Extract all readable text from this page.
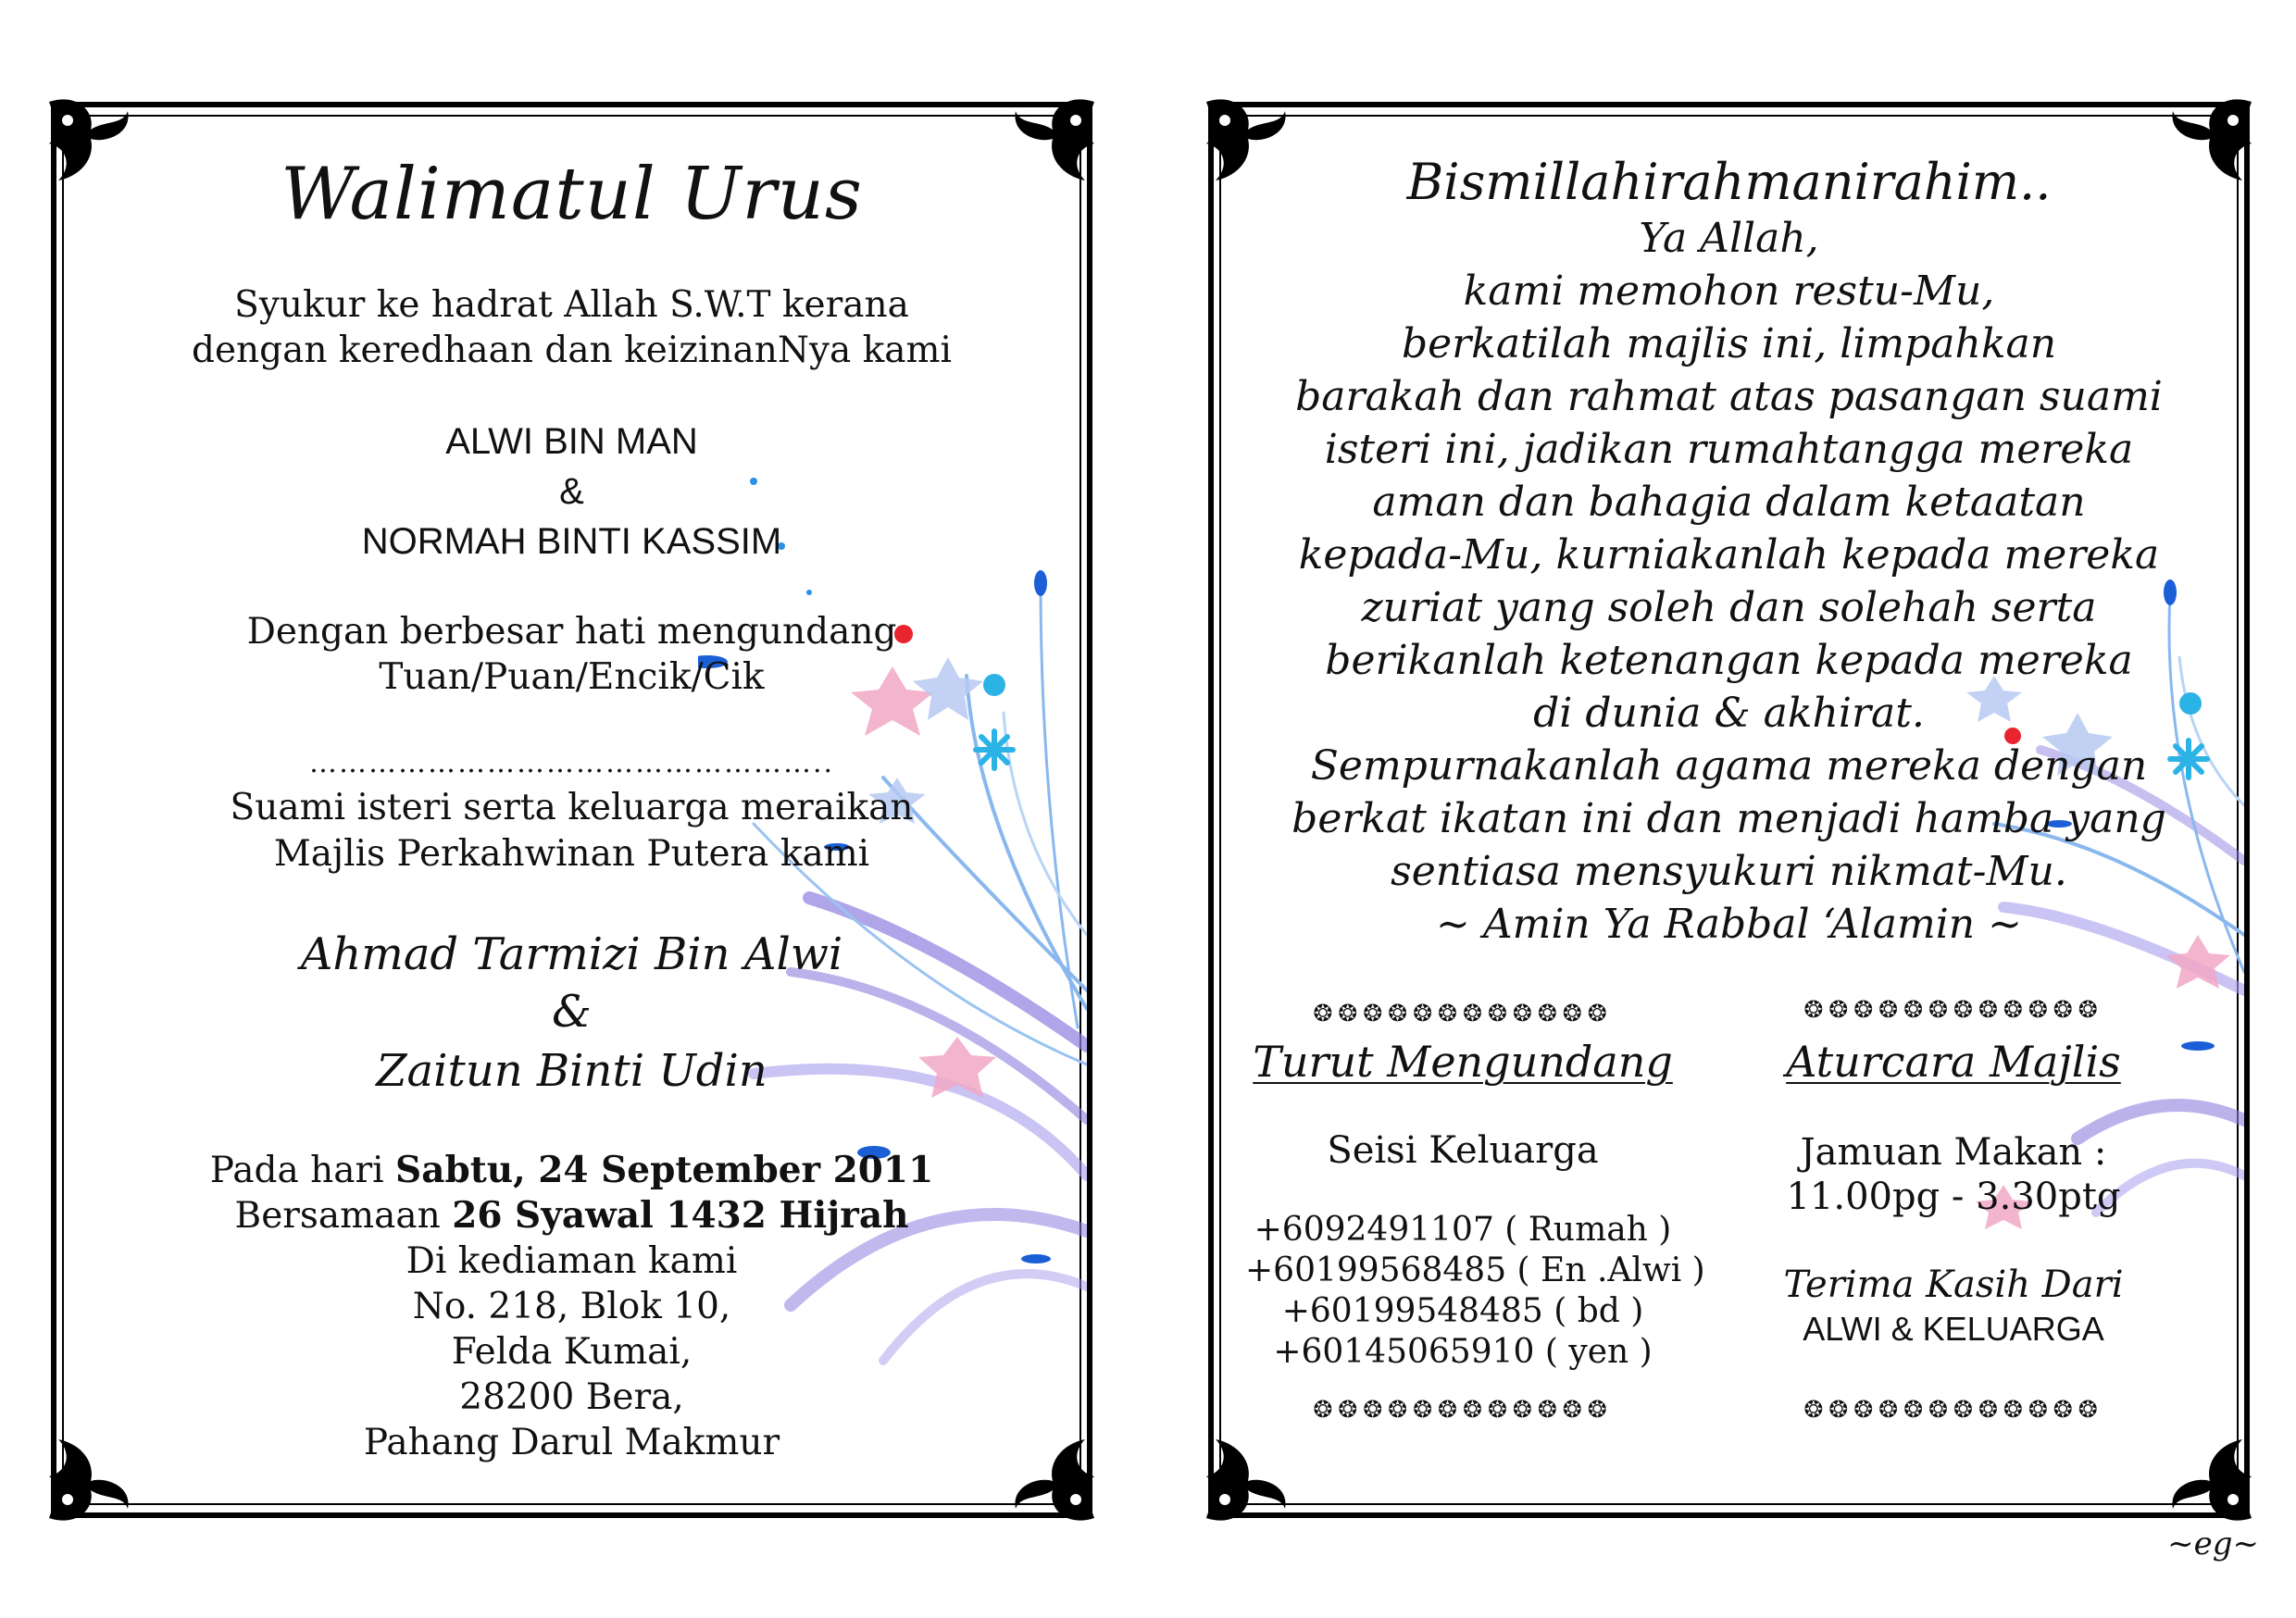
Walimatul Urus
Syukur ke hadrat Allah S.W.T kerana
dengan keredhaan dan keizinanNya kami
ALWI BIN MAN
&
NORMAH BINTI KASSIM
Dengan berbesar hati mengundang
Tuan/Puan/Encik/Cik
……………………………………………..
Suami isteri serta keluarga meraikan
Majlis Perkahwinan Putera kami
Ahmad Tarmizi Bin Alwi
&
Zaitun Binti Udin
Pada hari Sabtu, 24 September 2011
Bersamaan 26 Syawal 1432 Hijrah
Di kediaman kami
No. 218, Blok 10,
Felda Kumai,
28200 Bera,
Pahang Darul Makmur
Bismillahirahmanirahim..
Ya Allah,
kami memohon restu-Mu,
berkatilah majlis ini, limpahkan
barakah dan rahmat atas pasangan suami
isteri ini, jadikan rumahtangga mereka
aman dan bahagia dalam ketaatan
kepada-Mu, kurniakanlah kepada mereka
zuriat yang soleh dan solehah serta
berikanlah ketenangan kepada mereka
di dunia & akhirat.
Sempurnakanlah agama mereka dengan
berkat ikatan ini dan menjadi hamba yang
sentiasa mensyukuri nikmat-Mu.
~ Amin Ya Rabbal ‘Alamin ~
❂❂❂❂❂❂❂❂❂❂❂❂
Turut Mengundang
Seisi Keluarga
+6092491107 ( Rumah )
+60199568485 ( En .Alwi )
+60199548485 ( bd )
+60145065910 ( yen )
❂❂❂❂❂❂❂❂❂❂❂❂
❂❂❂❂❂❂❂❂❂❂❂❂
Aturcara Majlis
Jamuan Makan :
11.00pg - 3.30ptg
Terima Kasih Dari
ALWI & KELUARGA
❂❂❂❂❂❂❂❂❂❂❂❂
~eg~
